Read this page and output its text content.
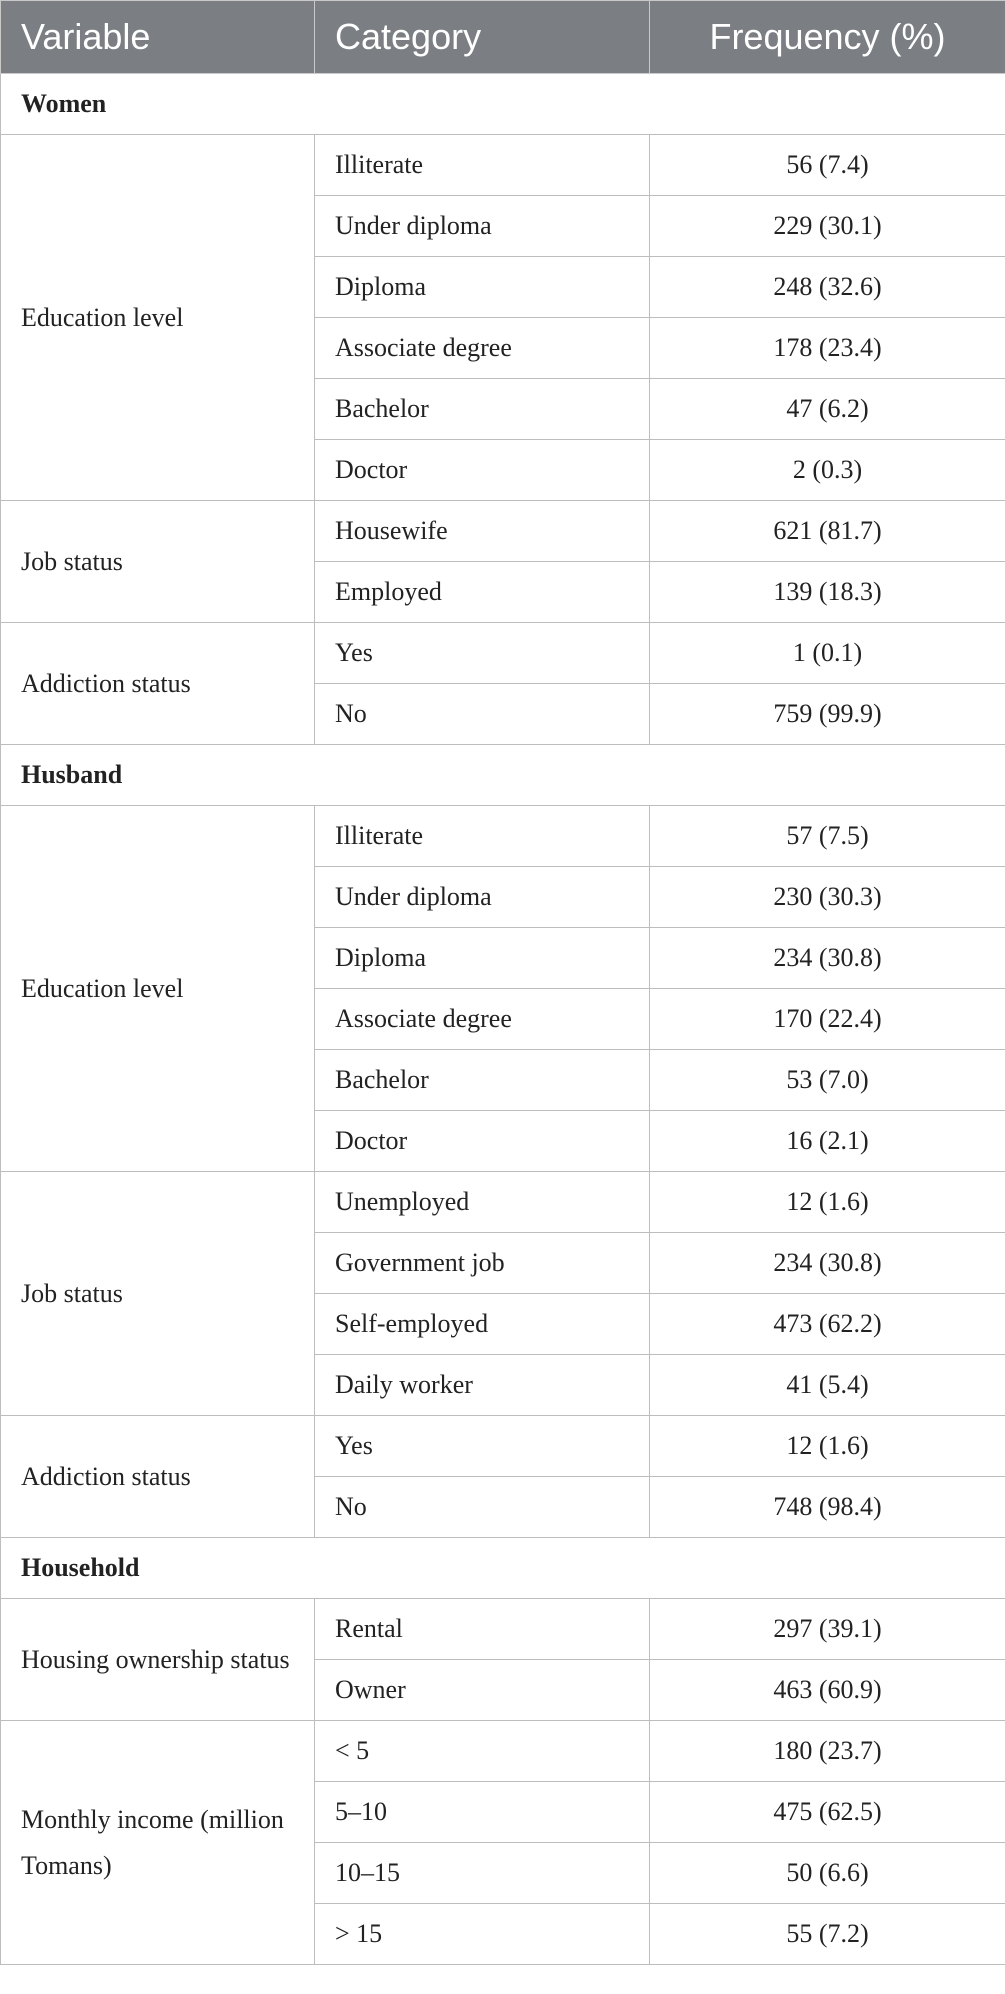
Variable	Category	Frequency (%)
Women		
Education level	Illiterate	56 (7.4)
	Under diploma	229 (30.1)
	Diploma	248 (32.6)
	Associate degree	178 (23.4)
	Bachelor	47 (6.2)
	Doctor	2 (0.3)
Job status	Housewife	621 (81.7)
	Employed	139 (18.3)
Addiction status	Yes	1 (0.1)
	No	759 (99.9)
Husband		
Education level	Illiterate	57 (7.5)
	Under diploma	230 (30.3)
	Diploma	234 (30.8)
	Associate degree	170 (22.4)
	Bachelor	53 (7.0)
	Doctor	16 (2.1)
Job status	Unemployed	12 (1.6)
	Government job	234 (30.8)
	Self-employed	473 (62.2)
	Daily worker	41 (5.4)
Addiction status	Yes	12 (1.6)
	No	748 (98.4)
Household		
Housing ownership status	Rental	297 (39.1)
	Owner	463 (60.9)
Monthly income (million Tomans)	< 5	180 (23.7)
	5–10	475 (62.5)
	10–15	50 (6.6)
	> 15	55 (7.2)
